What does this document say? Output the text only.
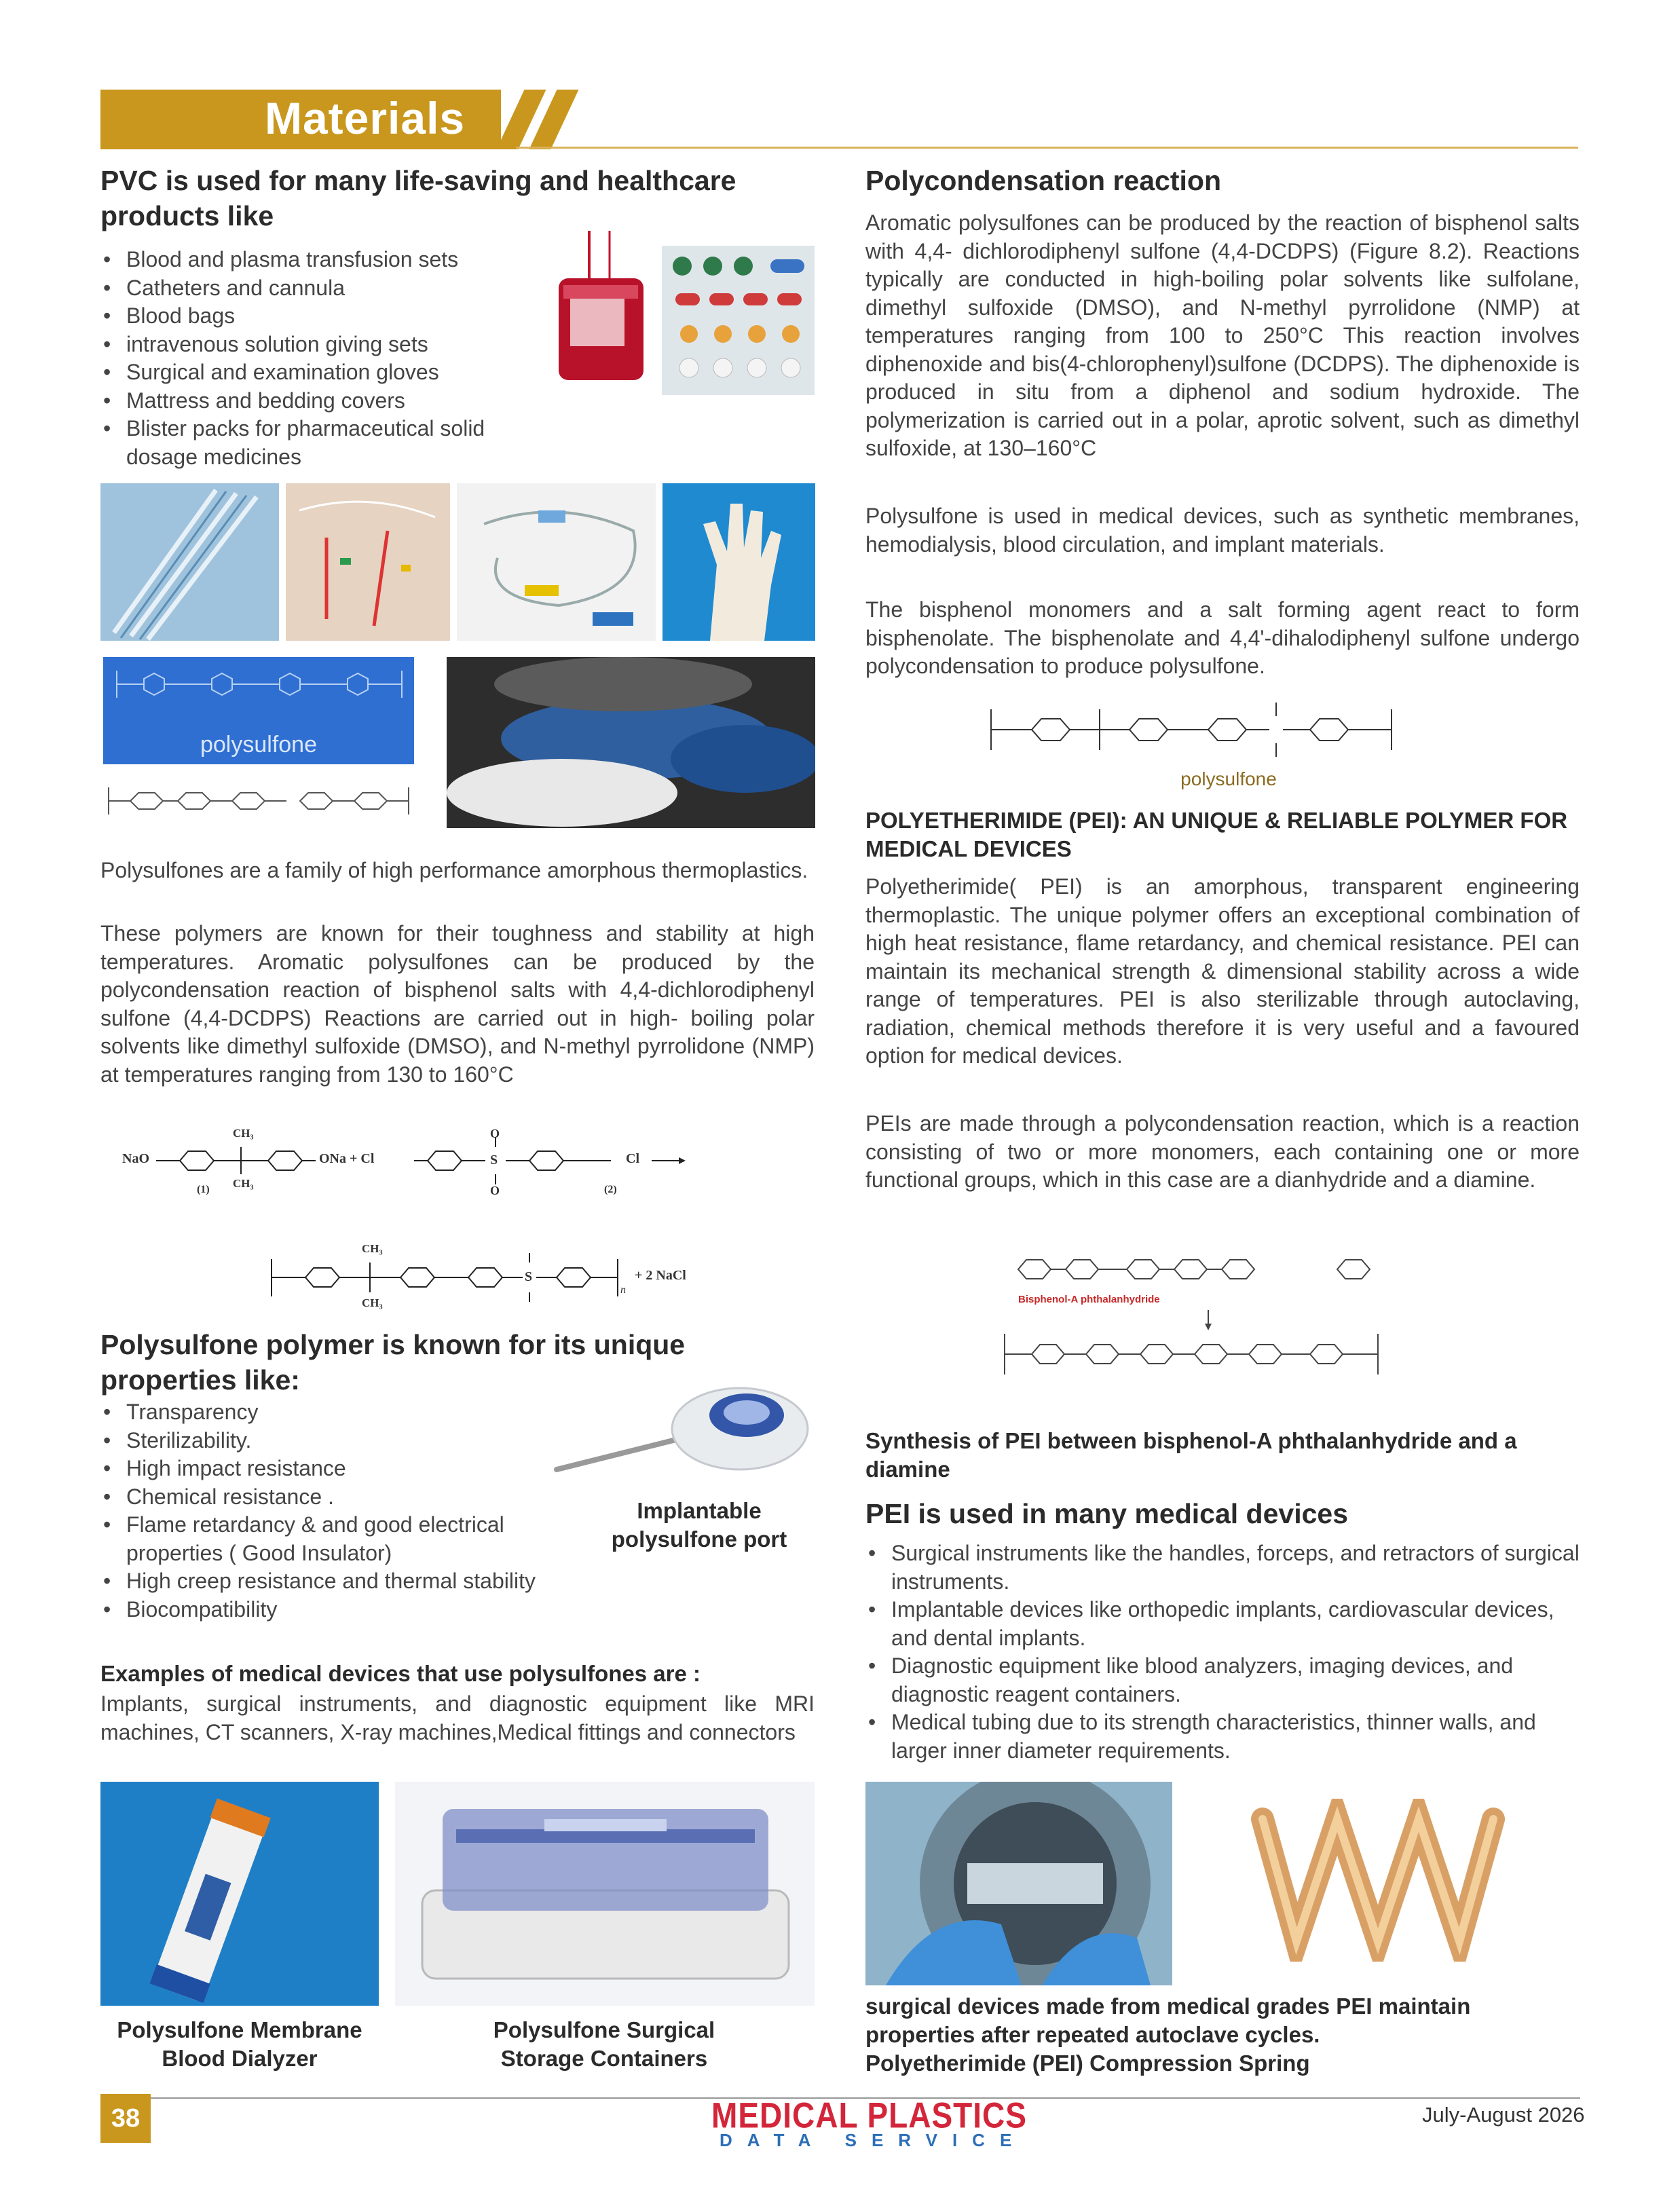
Materials
PVC is used for many life-saving and healthcare products like
• Blood and plasma transfusion sets
• Catheters and cannula
• Blood bags
• intravenous solution giving sets
• Surgical and examination gloves
• Mattress and bedding covers
• Blister packs for pharmaceutical solid dosage medicines
polysulfone

Polysulfones are a family of high performance amorphous thermoplastics.

These polymers are known for their toughness and stability at high temperatures. Aromatic polysulfones can be produced by the polycondensation reaction of bisphenol salts with 4,4-dichlorodiphenyl sulfone (4,4-DCDPS) Reactions are carried out in high- boiling polar solvents like dimethyl sulfoxide (DMSO), and N-methyl pyrrolidone (NMP) at temperatures ranging from 130 to 160°C

NaO
CH₃
CH₃
(1)
ONa + Cl
O
S
O	(2)
Cl
CH₃
CH₃
S
n
+ 2 NaCl
Polysulfone polymer is known for its unique properties like:
• Transparency
• Sterilizability.
• High impact resistance
• Chemical resistance .
• Flame retardancy & and good electrical properties ( Good Insulator)
• High creep resistance and thermal stability
• Biocompatibility
Implantable polysulfone port
Examples of medical devices that use polysulfones are :

Implants, surgical instruments, and diagnostic equipment like MRI machines, CT scanners, X-ray machines,Medical fittings and connectors

Polysulfone Membrane Blood Dialyzer
Polysulfone Surgical Storage Containers
Polycondensation reaction

Aromatic polysulfones can be produced by the reaction of bisphenol salts with 4,4- dichlorodiphenyl sulfone (4,4-DCDPS) (Figure 8.2). Reactions typically are conducted in high-boiling polar solvents like sulfolane, dimethyl sulfoxide (DMSO), and N-methyl pyrrolidone (NMP) at temperatures ranging from 100 to 250°C This reaction involves diphenoxide and bis(4-chlorophenyl)sulfone (DCDPS). The diphenoxide is produced in situ from a diphenol and sodium hydroxide. The polymerization is carried out in a polar, aprotic solvent, such as dimethyl sulfoxide, at 130–160°C

Polysulfone is used in medical devices, such as synthetic membranes, hemodialysis, blood circulation, and implant materials.

The bisphenol monomers and a salt forming agent react to form bisphenolate. The bisphenolate and 4,4'-dihalodiphenyl sulfone undergo polycondensation to produce polysulfone.

polysulfone
POLYETHERIMIDE (PEI): AN UNIQUE & RELIABLE POLYMER FOR MEDICAL DEVICES

Polyetherimide( PEI) is an amorphous, transparent engineering thermoplastic. The unique polymer offers an exceptional combination of high heat resistance, flame retardancy, and chemical resistance. PEI can maintain its mechanical strength & dimensional stability across a wide range of temperatures. PEI is also sterilizable through autoclaving, radiation, chemical methods therefore it is very useful and a favoured option for medical devices.

PEIs are made through a polycondensation reaction, which is a reaction consisting of two or more monomers, each containing one or more functional groups, which in this case are a dianhydride and a diamine.

Bisphenol-A phthalanhydride
Synthesis of PEI between bisphenol-A phthalanhydride and a diamine
PEI is used in many medical devices
• Surgical instruments like the handles, forceps, and retractors of surgical instruments.
• Implantable devices like orthopedic implants, cardiovascular devices, and dental implants.
• Diagnostic equipment like blood analyzers, imaging devices, and diagnostic reagent containers.
• Medical tubing due to its strength characteristics, thinner walls, and larger inner diameter requirements.
surgical devices made from medical grades PEI maintain properties after repeated autoclave cycles.
Polyetherimide (PEI) Compression Spring
38	MEDICAL PLASTICS
DATA SERVICE
July-August 2026
